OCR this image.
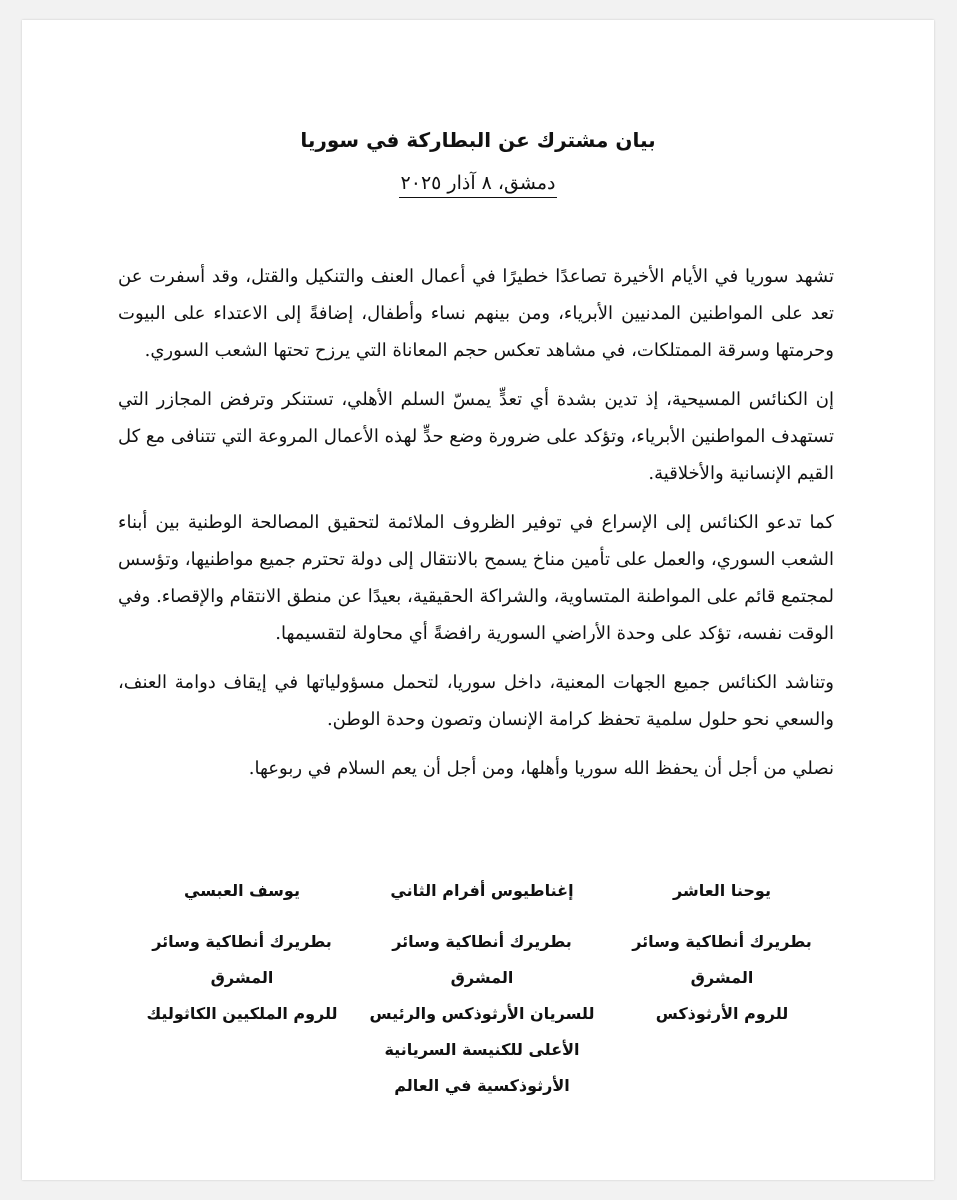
بيان مشترك عن البطاركة في سوريا
دمشق، ٨ آذار ٢٠٢٥

تشهد سوريا في الأيام الأخيرة تصاعدًا خطيرًا في أعمال العنف والتنكيل والقتل، وقد أسفرت عن تعد على المواطنين المدنيين الأبرياء، ومن بينهم نساء وأطفال، إضافةً إلى الاعتداء على البيوت وحرمتها وسرقة الممتلكات، في مشاهد تعكس حجم المعاناة التي يرزح تحتها الشعب السوري.

إن الكنائس المسيحية، إذ تدين بشدة أي تعدٍّ يمسّ السلم الأهلي، تستنكر وترفض المجازر التي تستهدف المواطنين الأبرياء، وتؤكد على ضرورة وضع حدٍّ لهذه الأعمال المروعة التي تتنافى مع كل القيم الإنسانية والأخلاقية.

كما تدعو الكنائس إلى الإسراع في توفير الظروف الملائمة لتحقيق المصالحة الوطنية بين أبناء الشعب السوري، والعمل على تأمين مناخ يسمح بالانتقال إلى دولة تحترم جميع مواطنيها، وتؤسس لمجتمع قائم على المواطنة المتساوية، والشراكة الحقيقية، بعيدًا عن منطق الانتقام والإقصاء. وفي الوقت نفسه، تؤكد على وحدة الأراضي السورية رافضةً أي محاولة لتقسيمها.

وتناشد الكنائس جميع الجهات المعنية، داخل سوريا، لتحمل مسؤولياتها في إيقاف دوامة العنف، والسعي نحو حلول سلمية تحفظ كرامة الإنسان وتصون وحدة الوطن.

نصلي من أجل أن يحفظ الله سوريا وأهلها، ومن أجل أن يعم السلام في ربوعها.

يوحنا العاشر
بطريرك أنطاكية وسائر المشرق
للروم الأرثوذكس
إغناطيوس أفرام الثاني
بطريرك أنطاكية وسائر المشرق
للسريان الأرثوذكس والرئيس
الأعلى للكنيسة السريانية
الأرثوذكسية في العالم
يوسف العبسي
بطريرك أنطاكية وسائر المشرق
للروم الملكيين الكاثوليك
